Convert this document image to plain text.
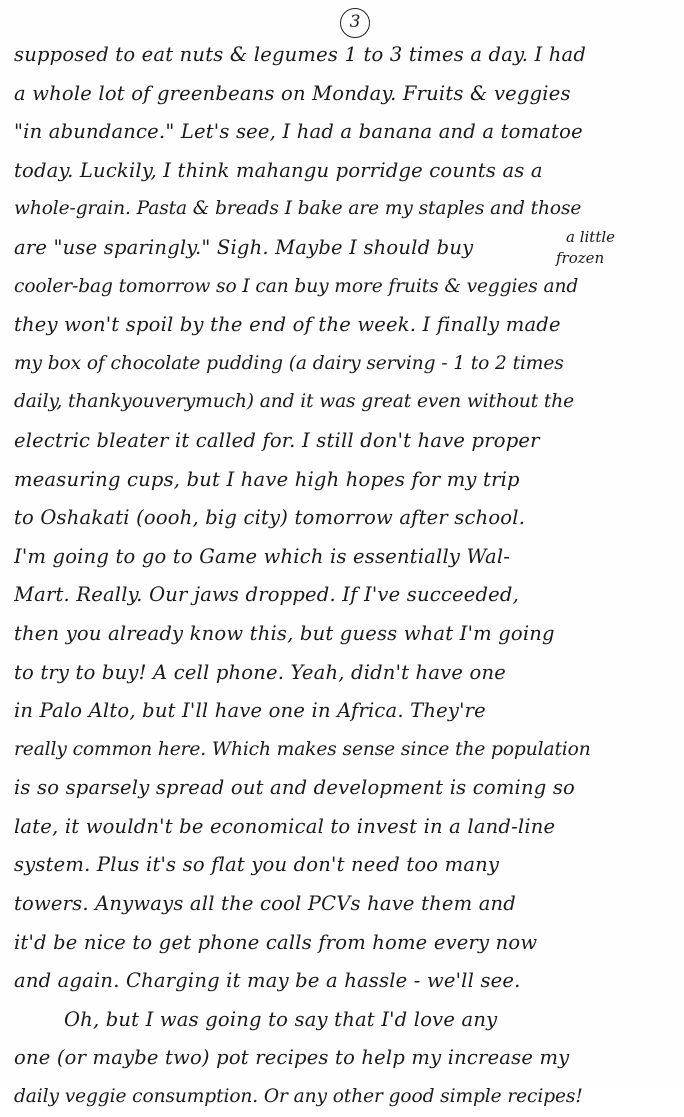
3
a little
frozen
supposed to eat nuts & legumes 1 to 3 times a day. I had
a whole lot of greenbeans on Monday. Fruits & veggies
"in abundance." Let's see, I had a banana and a tomatoe
today. Luckily, I think mahangu porridge counts as a
whole-grain. Pasta & breads I bake are my staples and those
are "use sparingly." Sigh. Maybe I should buy
cooler-bag tomorrow so I can buy more fruits & veggies and
they won't spoil by the end of the week. I finally made
my box of chocolate pudding (a dairy serving - 1 to 2 times
daily, thankyouverymuch) and it was great even without the
electric bleater it called for. I still don't have proper
measuring cups, but I have high hopes for my trip
to Oshakati (oooh, big city) tomorrow after school.
I'm going to go to Game which is essentially Wal-
Mart. Really. Our jaws dropped. If I've succeeded,
then you already know this, but guess what I'm going
to try to buy! A cell phone. Yeah, didn't have one
in Palo Alto, but I'll have one in Africa. They're
really common here. Which makes sense since the population
is so sparsely spread out and development is coming so
late, it wouldn't be economical to invest in a land-line
system. Plus it's so flat you don't need too many
towers. Anyways all the cool PCVs have them and
it'd be nice to get phone calls from home every now
and again. Charging it may be a hassle - we'll see.
Oh, but I was going to say that I'd love any
one (or maybe two) pot recipes to help my increase my
daily veggie consumption. Or any other good simple recipes!
